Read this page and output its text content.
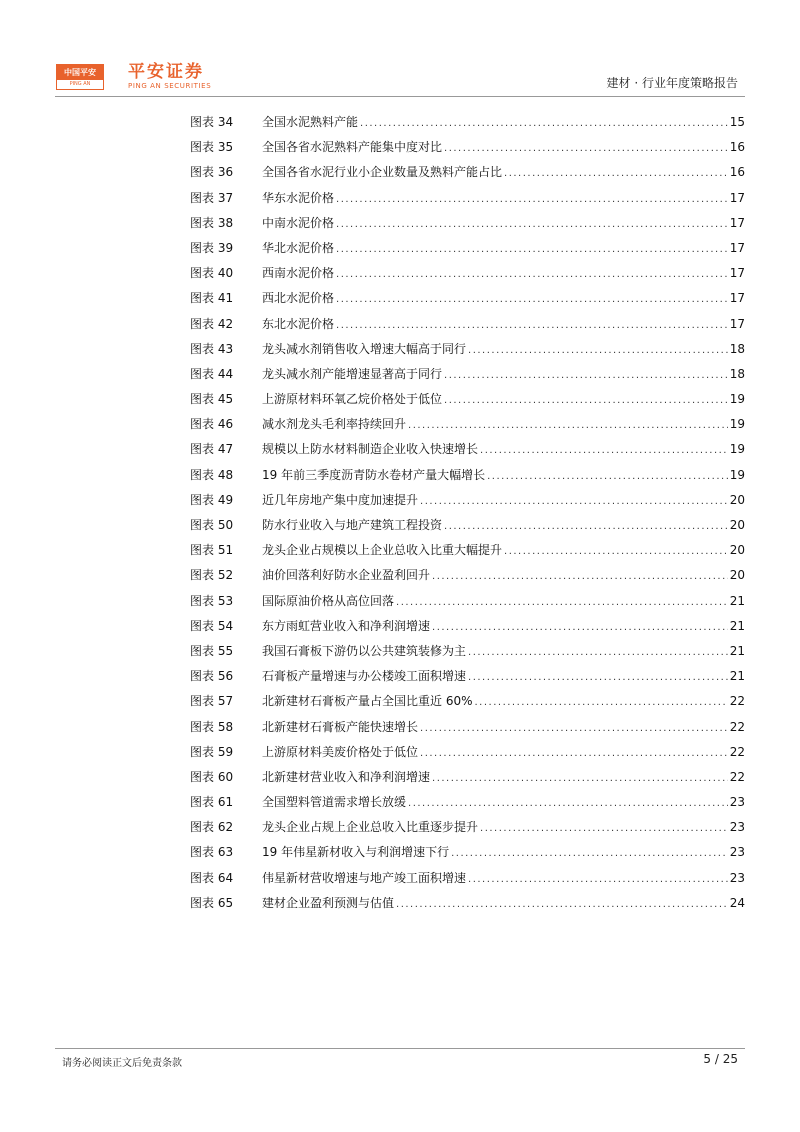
中国平安
PING AN
平安证券
PING AN SECURITIES	建材 · 行业年度策略报告
图表 34	全国水泥熟料产能 .....	15
图表 35	全国各省水泥熟料产能集中度对比 .....	16
图表 36	全国各省水泥行业小企业数量及熟料产能占比 .....	16
图表 37	华东水泥价格 .....	17
图表 38	中南水泥价格 .....	17
图表 39	华北水泥价格 .....	17
图表 40	西南水泥价格 .....	17
图表 41	西北水泥价格 .....	17
图表 42	东北水泥价格 .....	17
图表 43	龙头减水剂销售收入增速大幅高于同行 .....	18
图表 44	龙头减水剂产能增速显著高于同行 .....	18
图表 45	上游原材料环氧乙烷价格处于低位 .....	19
图表 46	减水剂龙头毛利率持续回升 .....	19
图表 47	规模以上防水材料制造企业收入快速增长 .....	19
图表 48	19 年前三季度沥青防水卷材产量大幅增长 .....	19
图表 49	近几年房地产集中度加速提升 .....	20
图表 50	防水行业收入与地产建筑工程投资 .....	20
图表 51	龙头企业占规模以上企业总收入比重大幅提升 .....	20
图表 52	油价回落利好防水企业盈利回升 .....	20
图表 53	国际原油价格从高位回落 .....	21
图表 54	东方雨虹营业收入和净利润增速 .....	21
图表 55	我国石膏板下游仍以公共建筑装修为主 .....	21
图表 56	石膏板产量增速与办公楼竣工面积增速 .....	21
图表 57	北新建材石膏板产量占全国比重近 60% .....	22
图表 58	北新建材石膏板产能快速增长 .....	22
图表 59	上游原材料美废价格处于低位 .....	22
图表 60	北新建材营业收入和净利润增速 .....	22
图表 61	全国塑料管道需求增长放缓 .....	23
图表 62	龙头企业占规上企业总收入比重逐步提升 .....	23
图表 63	19 年伟星新材收入与利润增速下行 .....	23
图表 64	伟星新材营收增速与地产竣工面积增速 .....	23
图表 65	建材企业盈利预测与估值 .....	24
请务必阅读正文后免责条款	5 / 25
